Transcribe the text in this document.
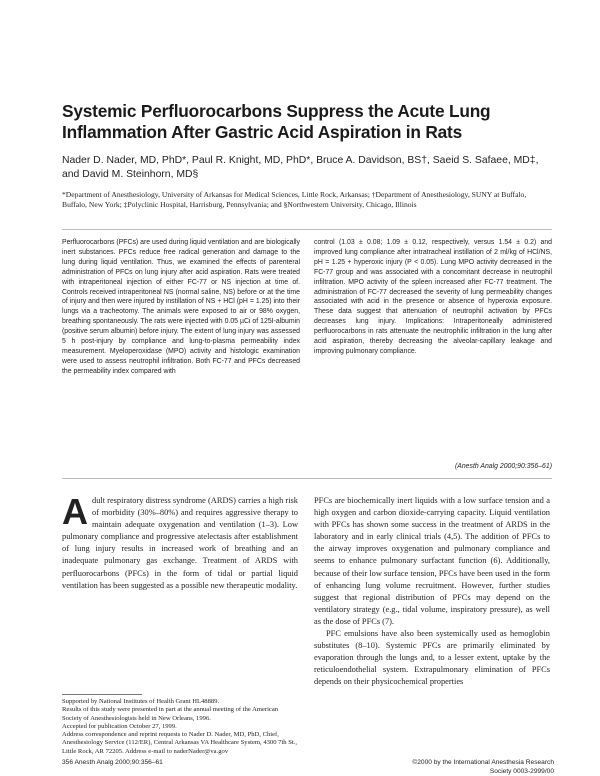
Systemic Perfluorocarbons Suppress the Acute Lung Inflammation After Gastric Acid Aspiration in Rats
Nader D. Nader, MD, PhD*, Paul R. Knight, MD, PhD*, Bruce A. Davidson, BS†, Saeid S. Safaee, MD‡, and David M. Steinhorn, MD§
*Department of Anesthesiology, University of Arkansas for Medical Sciences, Little Rock, Arkansas; †Department of Anesthesiology, SUNY at Buffalo, Buffalo, New York; ‡Polyclinic Hospital, Harrisburg, Pennsylvania; and §Northwestern University, Chicago, Illinois
Perfluorocarbons (PFCs) are used during liquid ventilation and are biologically inert substances. PFCs reduce free radical generation and damage to the lung during liquid ventilation. Thus, we examined the effects of parenteral administration of PFCs on lung injury after acid aspiration. Rats were treated with intraperitoneal injection of either FC-77 or NS injection at time of. Controls received intraperitoneal NS (normal saline, NS) before or at the time of injury and then were injured by instillation of NS + HCl (pH = 1.25) into their lungs via a tracheotomy. The animals were exposed to air or 98% oxygen, breathing spontaneously. The rats were injected with 0.05 µCi of 125I-albumin (positive serum albumin) before injury. The extent of lung injury was assessed 5 h post-injury by compliance and lung-to-plasma permeability index measurement. Myeloperoxidase (MPO) activity and histologic examination were used to assess neutrophil infiltration. Both FC-77 and PFCs decreased the permeability index compared with
control (1.03 ± 0.08; 1.09 ± 0.12, respectively, versus 1.54 ± 0.2) and improved lung compliance after intratracheal instillation of 2 ml/kg of HCl/NS, pH = 1.25 + hyperoxic injury (P < 0.05). Lung MPO activity decreased in the FC-77 group and was associated with a concomitant decrease in neutrophil infiltration. MPO activity of the spleen increased after FC-77 treatment. The administration of FC-77 decreased the severity of lung permeability changes associated with acid in the presence or absence of hyperoxia exposure. These data suggest that attenuation of neutrophil activation by PFCs decreases lung injury. Implications: Intraperitoneally administered perfluorocarbons in rats attenuate the neutrophilic infiltration in the lung after acid aspiration, thereby decreasing the alveolar-capillary leakage and improving pulmonary compliance.
(Anesth Analg 2000;90:356–61)
A dult respiratory distress syndrome (ARDS) carries a high risk of morbidity (30%–80%) and requires aggressive therapy to maintain adequate oxygenation and ventilation (1–3). Low pulmonary compliance and progressive atelectasis after establishment of lung injury results in increased work of breathing and an inadequate pulmonary gas exchange. Treatment of ARDS with perfluorocarbons (PFCs) in the form of tidal or partial liquid ventilation has been suggested as a possible new therapeutic modality.

PFCs are biochemically inert liquids with a low surface tension and a high oxygen and carbon dioxide-carrying capacity. Liquid ventilation with PFCs has shown some success in the treatment of ARDS in the laboratory and in early clinical trials (4,5). The addition of PFCs to the airway improves oxygenation and pulmonary compliance and seems to enhance pulmonary surfactant function (6). Additionally, because of their low surface tension, PFCs have been used in the form of enhancing lung volume recruitment. However, further studies suggest that regional distribution of PFCs may depend on the ventilatory strategy (e.g., tidal volume, inspiratory pressure), as well as the dose of PFCs (7).

PFC emulsions have also been systemically used as hemoglobin substitutes (8–10). Systemic PFCs are primarily eliminated by evaporation through the lungs and, to a lesser extent, uptake by the reticuloendothelial system. Extrapulmonary elimination of PFCs depends on their physicochemical properties

Supported by National Institutes of Health Grant HL48889.
Results of this study were presented in part at the annual meeting of the American Society of Anesthesiologists held in New Orleans, 1996.
Accepted for publication October 27, 1999.
Address correspondence and reprint requests to Nader D. Nader, MD, PhD, Chief, Anesthesiology Service (112/ER), Central Arkansas VA Healthcare System, 4300 7th St., Little Rock, AR 72205. Address e-mail to naderNader@va.gov
356 Anesth Analg 2000;90:356–61	©2000 by the International Anesthesia Research Society 0003-2999/00
